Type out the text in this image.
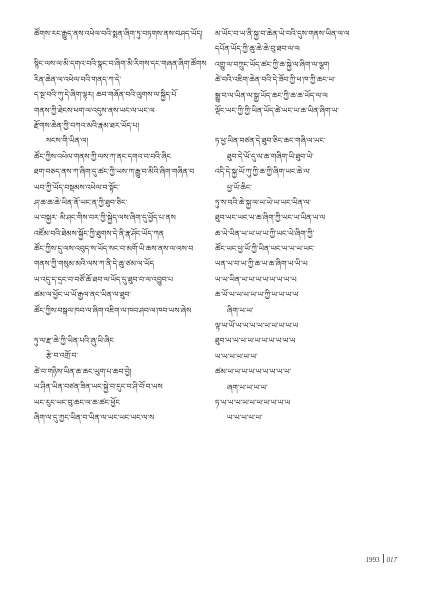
ཚོགས་རང་རྒྱུད་ནས་འཕེལ་བའི་སྨན་ཞིག་ཏུ་བཏགས་ནས་བཤད་ཡོད།
སྙིང་ལས་ལ་མི་དགའ་བའི་སྣང་བ་ཞིག་མི་རིགས་དང་གཞན་ཞིག་ཚོགས
རིན་ཆེན་ལ་འཕེལ་བའི་གནད་ཀ་དེ་
ད་སྔ་བའི་ཀུ་དེ་ཞིག་ལྟར། ཆབ་གཞོན་བའི་ལུགས་ལ་སྐྱིད་པོ
གནས་ཀྱི་ཐེངས་ཕག་ལ་འདུས་ནས་ཡང་ལ་ཡང་ལ
རྫོགས་ཆེན་ཀྱི་བཀའ་མའི་རྣམ་ཐར་ཡོད་པ།
སངས་གི་ཡིན་ལ།
ཚོང་ཀྱིས་འཕེལ་གནས་ཀྱི་ལས་ཀ་ནང་དགའ་བ་བའི་ཞིང
ཐག་བཅད་ནས་ཀ་ཞིག་དུ་ཚང་ཀྱི་ཡས་ཀ་རྒྱུ་བ་མིའི་ཞིག་གཞིན་བ
ཡབ་ཀྱི་ཡོད་བསྡམས་འཕེལ་བ་སྟོང་
ཤ་ཆ་ཆ་ཆེ་ཡིན་ནོ་ཡང་ན་ཀྱི་ཐུབ་ཅིང་
ཡ་བསྐྱར་ མི་ཤང་གིས་བར་ཀྱི་སྐྱེད་ལས་ཞིག་དུ་ཕྱོད་པ་ནས
འཛོམ་བའི་ཐེམས་སྐྱོང་ཀྱི་ཐུགས་དེ་ནི་རྣ་ཤོང་ཡོད་ཀན
ཚོང་ཀྱིས་དུ་ལས་འབུད་ས་ཡོད་སང་བ་མགོ་ཡི་ཆས་ནས་ལ་ལས་བ
གནས་ཀྱི་གསུམ་མའི་ལས་ཀ་ནི་དེ་ཆུ་ཙམ་ལ་ཡོད
ཡ་འདུ་ད་དྲང་བ་བཙོ་ཆོ་ཐབ་ལ་ཡོད་དུ་ཐུབ་བ་ལ་འབྱུབ་པ
ཚམ་ལ་ཕྱོང་ཡ་ཡོ་རྒྱལ་ནང་ཡིན་ལ་ཐུབ་
ཚོང་ཀྱིས་བསྒལ་ཁབ་ལ་ཞིག་འཇིག་ལ་ཁབ་ཤབ་ལ་ཁབ་ཡས་ཞེས
ཏུ་ལ་རྫ་ཆེ་ཀྱི་ཡིན་པའི་ཞུ་ཡི་ཞིང
རྩེ་བ་འགྲོ་བ་
ཚེ་བ་གཉིས་ཡིན་ཆ་ཆང་ཡུག་པ་ཆབ་བྱེ།
ཡ་ཤིན་ཡིན་བཙན་ཟིན་ཡང་སྐྱེ་བ་དུང་བ་ཤི་བོ་བ་ཡས
ཡང་རུང་ཡང་བུ་ཆང་ལ་ཆ་ཚང་ཕྱོང
ཞིག་ལ་དུ་ཀྱང་ཡིན་བ་ཡིན་ལ་ཡང་ཡང་ཡང་ལ་ས
མ་ཡོང་བ་ཡ་ནི་སྐྱ་བ་ཆེན་ཡེ་བའི་དུས་གནས་ཡིན་ལ་ལ
དཔོན་ཡོད་ཀྱི་ཆུ་ཆེ་ཆེ་བུ་ཐབ་ལ་ལ
འགྱུ་ལ་བཀྲུང་ཡོད་ཚང་ཀྱི་ཆ་སྐྱེ་ལ་ཞིག་ལ་ལྕག
ཚེ་བའི་འཇིག་ཆེན་བའི་དེ་ཟོབ་ཀྱི་ཕ་ཁ་ཀྱི་ཆང་ཡ་
སྒྱུ་བ་ལ་ཡིན་ལ་སྒྱ་ཡོད་ཆང་ཀྱི་ཆ་ཆ་ཡོད་ལ་ལ
ལྡོང་ཡང་ཀྱི་ཀྱི་ཡིན་ཡོད་ཚེ་ཡང་ཡ་ཆ་ཡིན་ཞིག་ཡ་
ཏ་ཕྱ་ཡིན་བཙན་དེ་ཐུབ་ཅིང་ཆང་གཞི་ལ་ཡང་
ཐུབ་དེ་ཡོ་དུ་ལ་ཆ་གཞིག་ཡི་ཐུབ་ཡེ་
འདི་དེ་སྐྱ་ཡོ་ཀུ་ཀྱི་ཆ་ཀྱི་ཞིག་ཡང་ཆེ་ལ་
ཕྱ་ཡོ་ཆིང་
ཏུ་ས་བའི་ཆེ་སྐྱ་ལ་ཡ་ཡེ་ཡ་ཡང་ཡིན་ལ་
ཐུབ་ཡང་ཡང་ཡ་ཆ་ཞིག་ཀྱི་ཡང་ཡ་ཡིན་ཡ་ལ
ཆ་ཡེ་ཡིན་ཡ་ཡ་ཡ་ཡ་ཀྱི་ཡང་ཡེ་ཞིག་ཀྱི་
ཚོང་ཡང་ཕྱ་ཡོ་ཀྱི་ཡིན་ཡང་ཡ་ཡ་ཡ་ཡང་
ཡན་ཡ་བ་ཡ་ཀྱི་ཆ་ཡ་ཆ་ཞིག་ཡ་ཡི་ཡ
ཡ་ཡ་ཡིན་ཡ་ཡ་ཡ་ཡ་ཡ་ཡ་ཡ་ཡ
ཆ་ཡོ་ཡ་ཡ་ཡ་ཡ་ཡ་ཀྱི་ཡ་ཡ་ཡ་ཡ
ཞིག་ཡ་ཡ་
ལྟ་ཡ་ཡོ་ཡ་ཡ་ཡ་ཡ་ཡ་ཡ་ཡ་ཡ་ཡ
ཐུབ་ཡ་ཡ་ཡ་ཡ་ཡ་ཡ་ཡ་ཡ་ཡ་ཡ
ཡ་ཡ་ཡ་ཡ་ཡ་ཡ་
ཚམ་ཡ་ཡ་ཡ་ཡ་ཡ་ཡ་ཡ་ཡ་ཡ་
ཞག་ཡ་ཡ་ཡ་ཡ་
ཏ་ཡ་ཡ་ཡ་ཡ་ཡ་ཡ་ཡ་ཡ་ཡ་ཡ
ཡ་ཡ་ཡ་ཡ་ཡ་
1993 017
